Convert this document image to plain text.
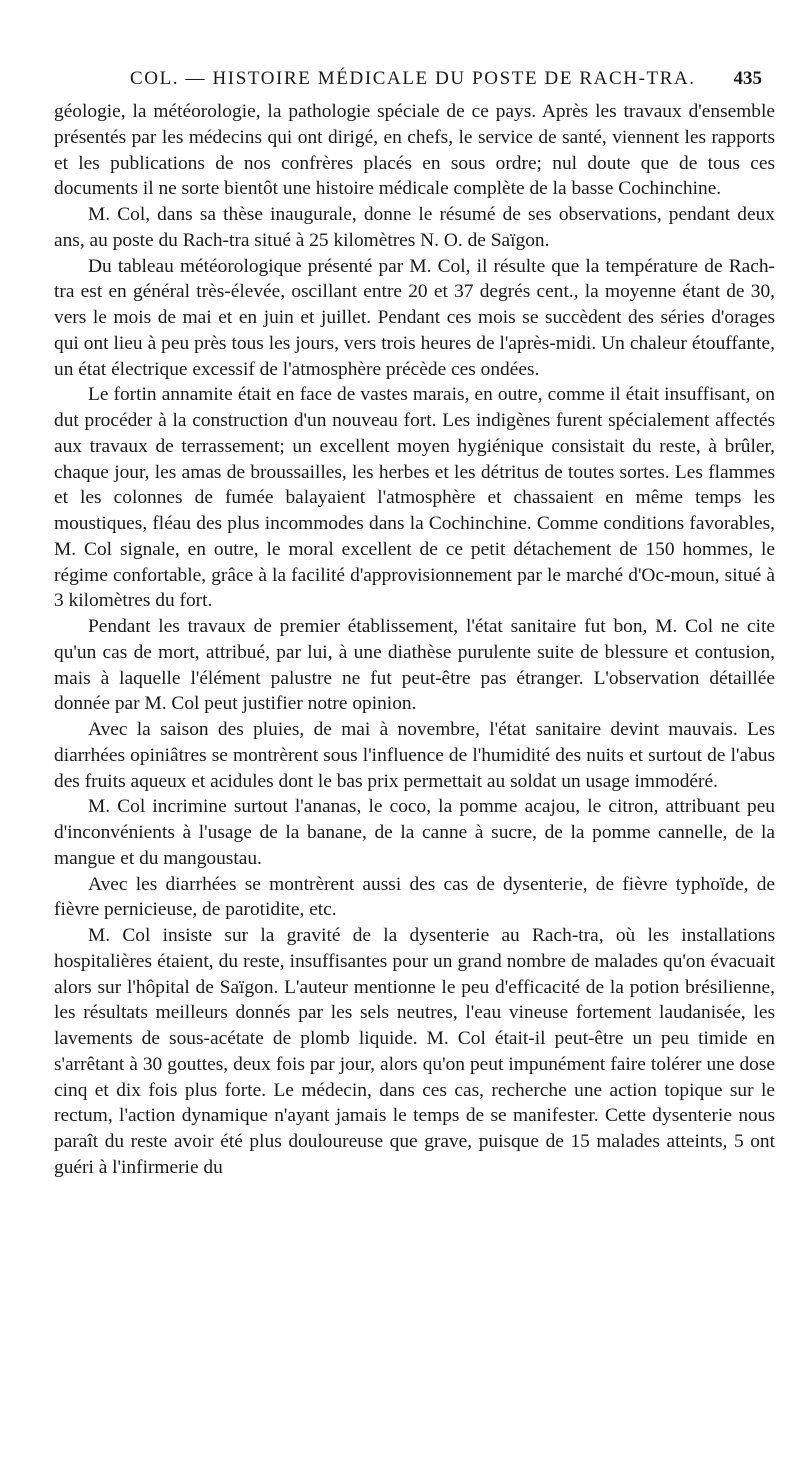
COL. — HISTOIRE MÉDICALE DU POSTE DE RACH-TRA. 435

géologie, la météorologie, la pathologie spéciale de ce pays. Après les travaux d'ensemble présentés par les médecins qui ont dirigé, en chefs, le service de santé, viennent les rapports et les publications de nos confrères placés en sous ordre; nul doute que de tous ces documents il ne sorte bientôt une histoire médicale complète de la basse Cochinchine.

M. Col, dans sa thèse inaugurale, donne le résumé de ses observations, pendant deux ans, au poste du Rach-tra situé à 25 kilomètres N. O. de Saïgon.

Du tableau météorologique présenté par M. Col, il résulte que la température de Rach-tra est en général très-élevée, oscillant entre 20 et 37 degrés cent., la moyenne étant de 30, vers le mois de mai et en juin et juillet. Pendant ces mois se succèdent des séries d'orages qui ont lieu à peu près tous les jours, vers trois heures de l'après-midi. Un chaleur étouffante, un état électrique excessif de l'atmosphère précède ces ondées.

Le fortin annamite était en face de vastes marais, en outre, comme il était insuffisant, on dut procéder à la construction d'un nouveau fort. Les indigènes furent spécialement affectés aux travaux de terrassement; un excellent moyen hygiénique consistait du reste, à brûler, chaque jour, les amas de broussailles, les herbes et les détritus de toutes sortes. Les flammes et les colonnes de fumée balayaient l'atmosphère et chassaient en même temps les moustiques, fléau des plus incommodes dans la Cochinchine. Comme conditions favorables, M. Col signale, en outre, le moral excellent de ce petit détachement de 150 hommes, le régime confortable, grâce à la facilité d'approvisionnement par le marché d'Oc-moun, situé à 3 kilomètres du fort.

Pendant les travaux de premier établissement, l'état sanitaire fut bon, M. Col ne cite qu'un cas de mort, attribué, par lui, à une diathèse purulente suite de blessure et contusion, mais à laquelle l'élément palustre ne fut peut-être pas étranger. L'observation détaillée donnée par M. Col peut justifier notre opinion.

Avec la saison des pluies, de mai à novembre, l'état sanitaire devint mauvais. Les diarrhées opiniâtres se montrèrent sous l'influence de l'humidité des nuits et surtout de l'abus des fruits aqueux et acidules dont le bas prix permettait au soldat un usage immodéré.

M. Col incrimine surtout l'ananas, le coco, la pomme acajou, le citron, attribuant peu d'inconvénients à l'usage de la banane, de la canne à sucre, de la pomme cannelle, de la mangue et du mangoustau.

Avec les diarrhées se montrèrent aussi des cas de dysenterie, de fièvre typhoïde, de fièvre pernicieuse, de parotidite, etc.

M. Col insiste sur la gravité de la dysenterie au Rach-tra, où les installations hospitalières étaient, du reste, insuffisantes pour un grand nombre de malades qu'on évacuait alors sur l'hôpital de Saïgon. L'auteur mentionne le peu d'efficacité de la potion brésilienne, les résultats meilleurs donnés par les sels neutres, l'eau vineuse fortement laudanisée, les lavements de sous-acétate de plomb liquide. M. Col était-il peut-être un peu timide en s'arrêtant à 30 gouttes, deux fois par jour, alors qu'on peut impunément faire tolérer une dose cinq et dix fois plus forte. Le médecin, dans ces cas, recherche une action topique sur le rectum, l'action dynamique n'ayant jamais le temps de se manifester. Cette dysenterie nous paraît du reste avoir été plus douloureuse que grave, puisque de 15 malades atteints, 5 ont guéri à l'infirmerie du
